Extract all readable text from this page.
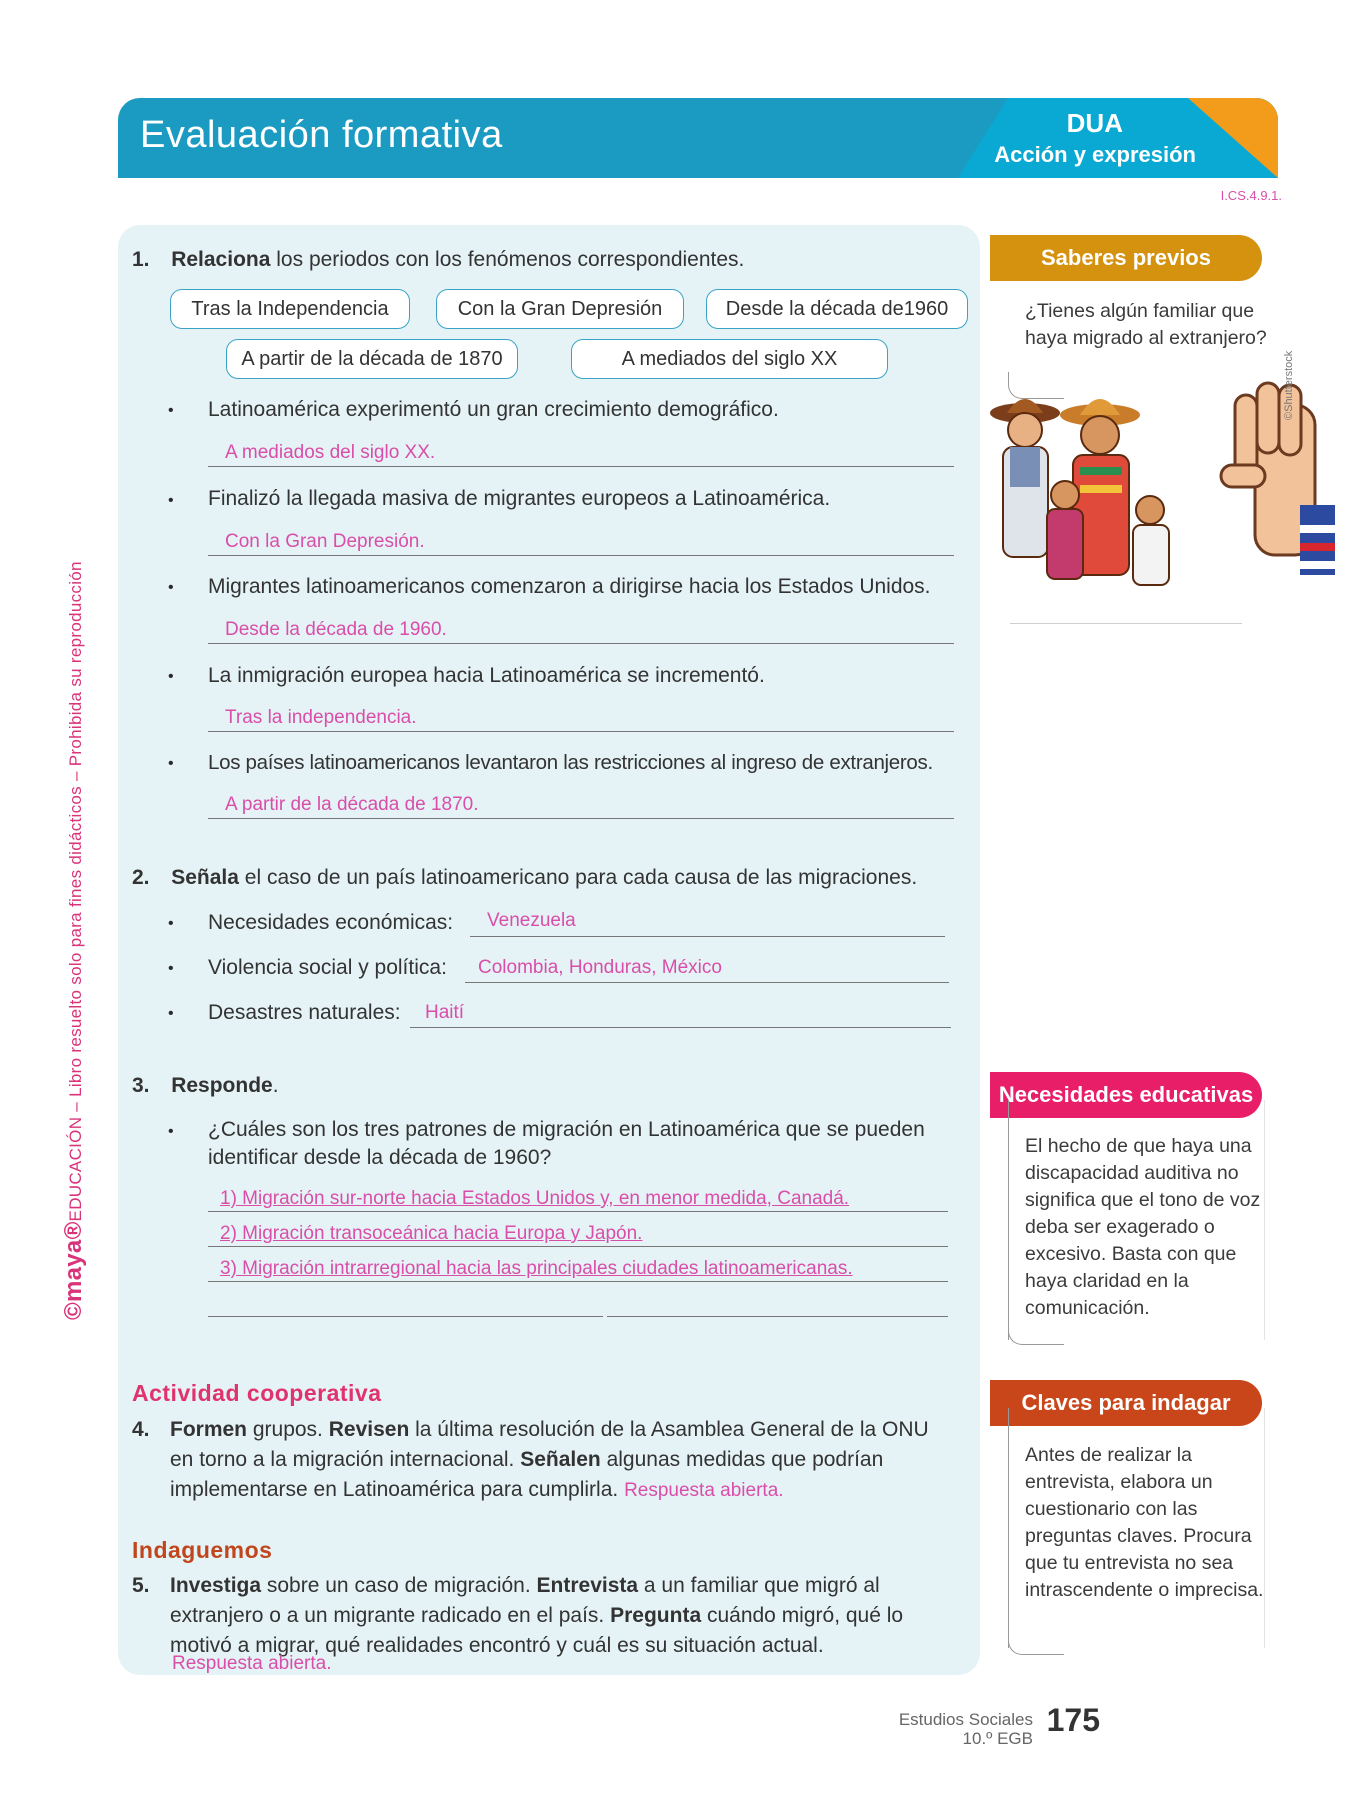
Evaluación formativa	DUA
Acción y expresión
I.CS.4.9.1.
©maya®EDUCACIÓN – Libro resuelto solo para fines didácticos – Prohibida su reproducción
1. Relaciona los periodos con los fenómenos correspondientes.
Tras la Independencia	Con la Gran Depresión	Desde la década de1960
A partir de la década de 1870	A mediados del siglo XX
• Latinoamérica experimentó un gran crecimiento demográfico.
A mediados del siglo XX.
• Finalizó la llegada masiva de migrantes europeos a Latinoamérica.
Con la Gran Depresión.
• Migrantes latinoamericanos comenzaron a dirigirse hacia los Estados Unidos.
Desde la década de 1960.
• La inmigración europea hacia Latinoamérica se incrementó.
Tras la independencia.
• Los países latinoamericanos levantaron las restricciones al ingreso de extranjeros.
A partir de la década de 1870.
2. Señala el caso de un país latinoamericano para cada causa de las migraciones.
• Necesidades económicas: Venezuela
• Violencia social y política: Colombia, Honduras, México
• Desastres naturales: Haití
3. Responde.
• ¿Cuáles son los tres patrones de migración en Latinoamérica que se pueden
identificar desde la década de 1960?
1) Migración sur-norte hacia Estados Unidos y, en menor medida, Canadá.
2) Migración transoceánica hacia Europa y Japón.
3) Migración intrarregional hacia las principales ciudades latinoamericanas.
Actividad cooperativa
4. Formen grupos. Revisen la última resolución de la Asamblea General de la ONU
en torno a la migración internacional. Señalen algunas medidas que podrían
implementarse en Latinoamérica para cumplirla. Respuesta abierta.
Indaguemos
5. Investiga sobre un caso de migración. Entrevista a un familiar que migró al
extranjero o a un migrante radicado en el país. Pregunta cuándo migró, qué lo
motivó a migrar, qué realidades encontró y cuál es su situación actual.
Respuesta abierta.
Saberes previos
¿Tienes algún familiar que haya migrado al extranjero?
©Shutterstock
Necesidades educativas
El hecho de que haya una discapacidad auditiva no significa que el tono de voz deba ser exagerado o excesivo. Basta con que haya claridad en la comunicación.
Claves para indagar
Antes de realizar la entrevista, elabora un cuestionario con las preguntas claves. Procura que tu entrevista no sea intrascendente o imprecisa.
Estudios Sociales
10.º EGB
175
